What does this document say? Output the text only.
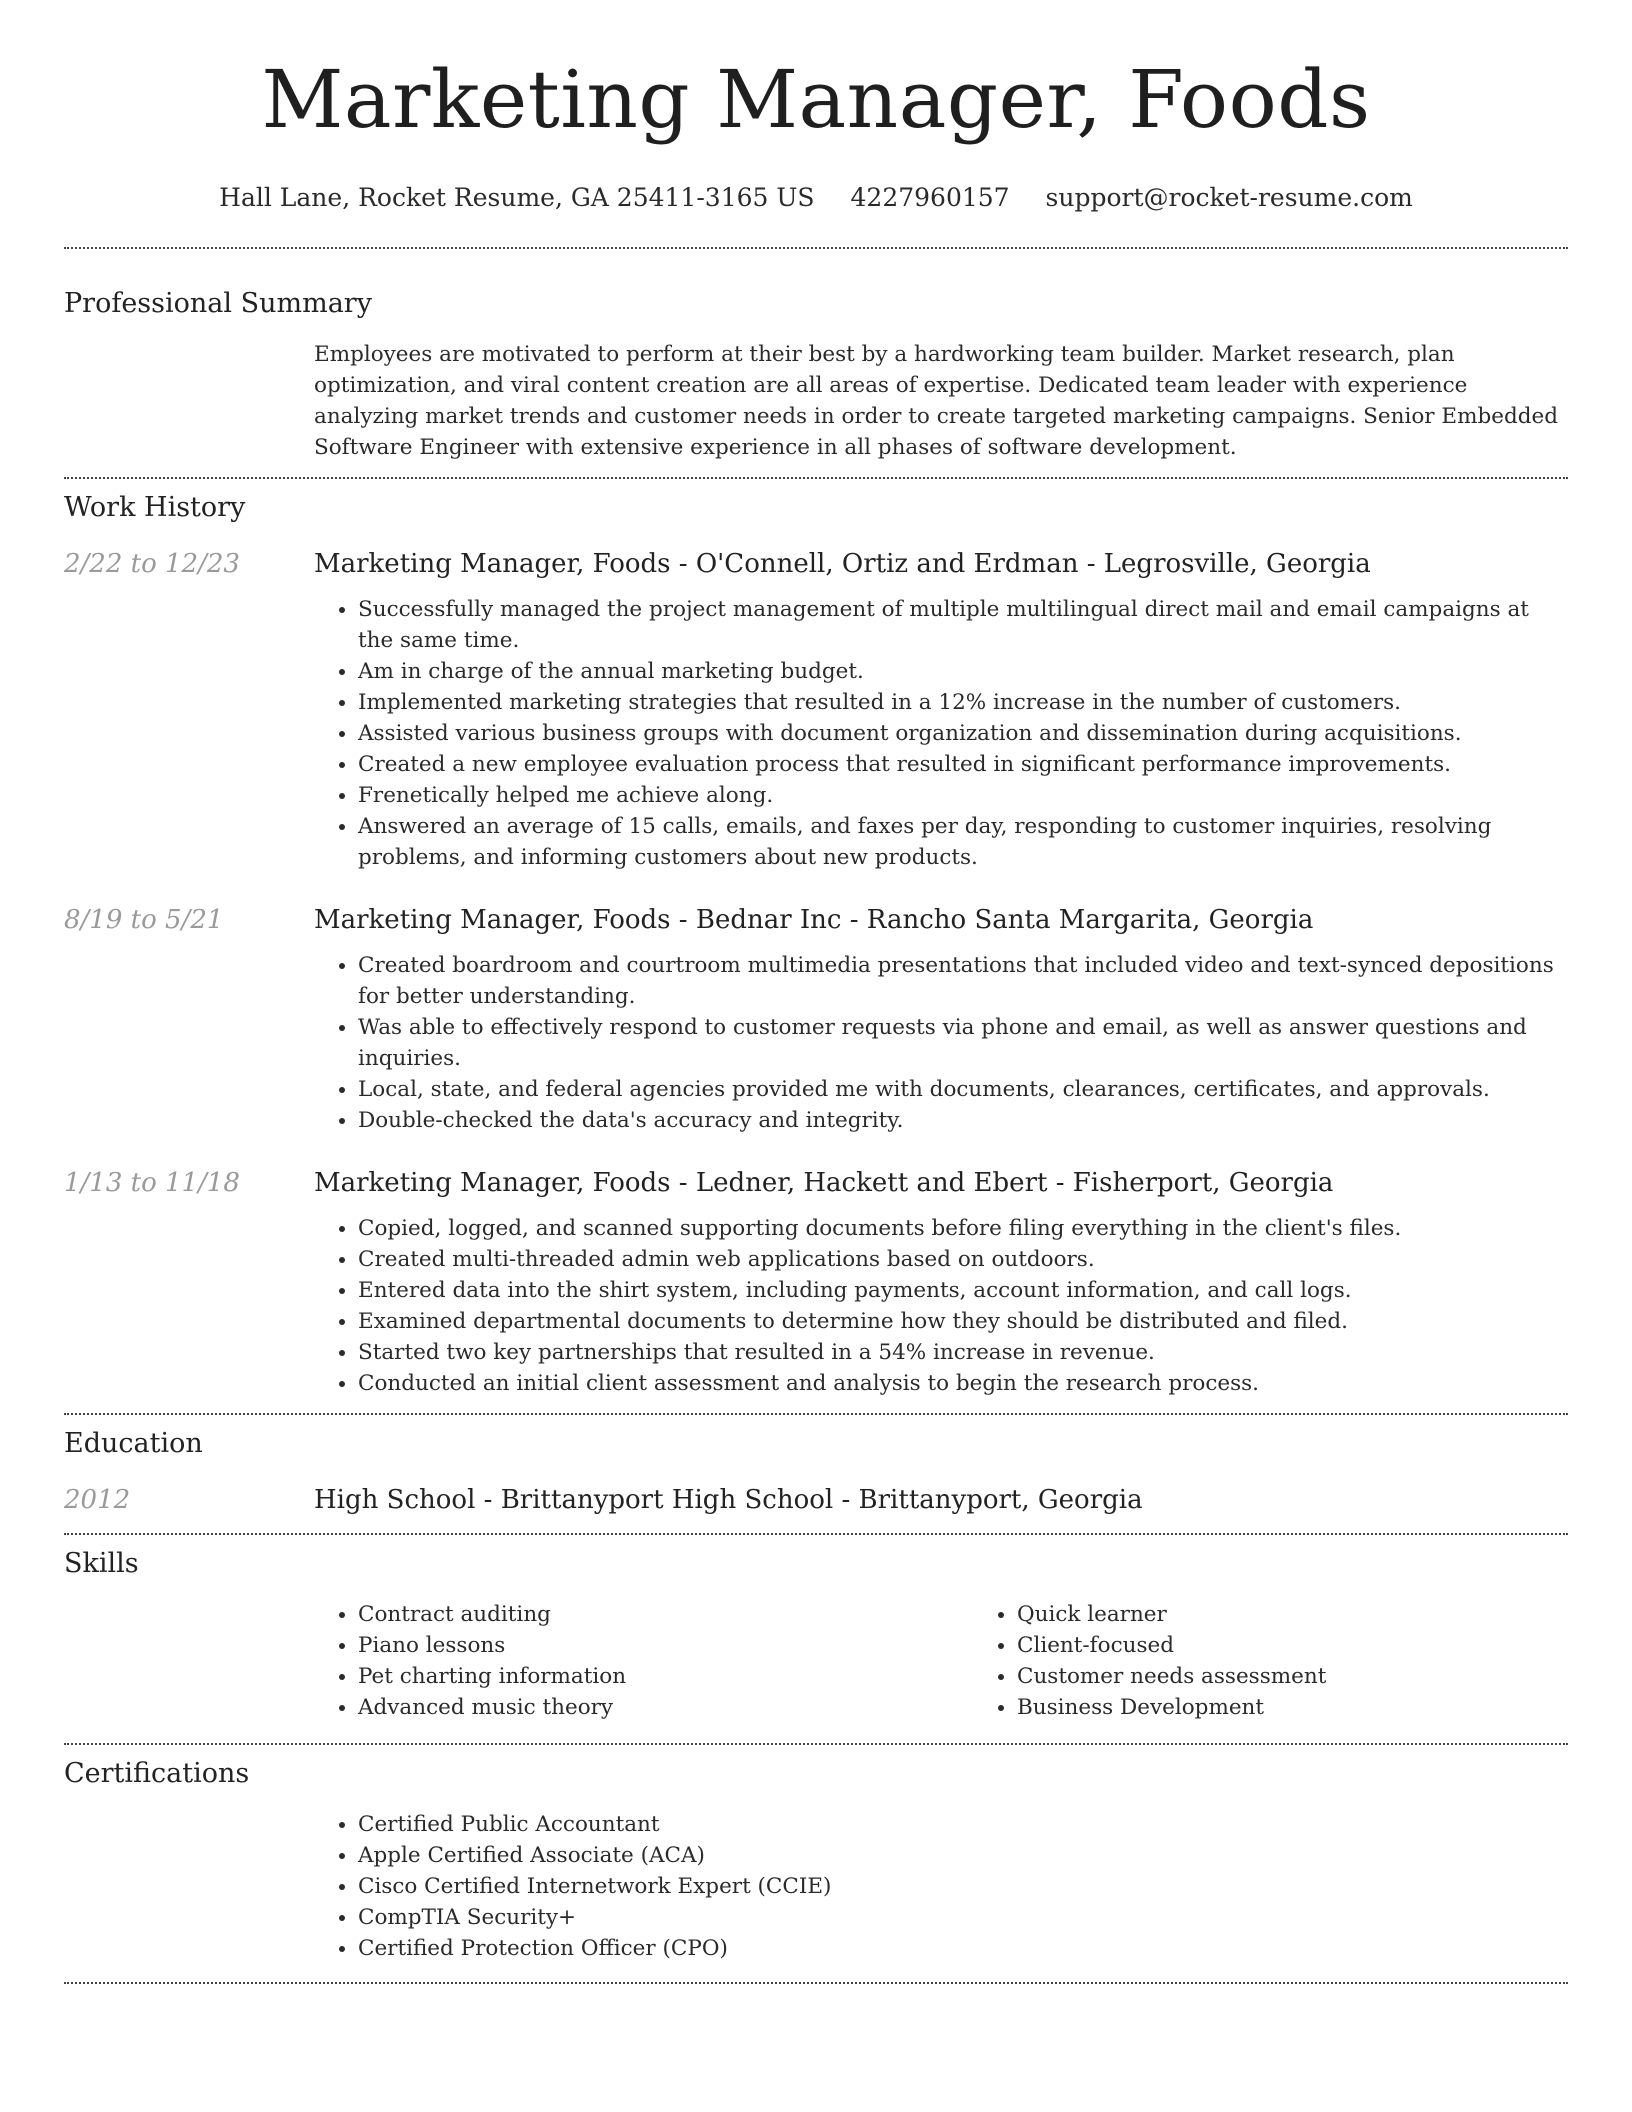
Marketing Manager, Foods
Hall Lane, Rocket Resume, GA 25411-3165 US 4227960157 support@rocket-resume.com
Professional Summary
Employees are motivated to perform at their best by a hardworking team builder. Market research, plan optimization, and viral content creation are all areas of expertise. Dedicated team leader with experience analyzing market trends and customer needs in order to create targeted marketing campaigns. Senior Embedded Software Engineer with extensive experience in all phases of software development.
Work History
2/22 to 12/23	Marketing Manager, Foods - O'Connell, Ortiz and Erdman - Legrosville, Georgia
• Successfully managed the project management of multiple multilingual direct mail and email campaigns at the same time.
• Am in charge of the annual marketing budget.
• Implemented marketing strategies that resulted in a 12% increase in the number of customers.
• Assisted various business groups with document organization and dissemination during acquisitions.
• Created a new employee evaluation process that resulted in significant performance improvements.
• Frenetically helped me achieve along.
• Answered an average of 15 calls, emails, and faxes per day, responding to customer inquiries, resolving problems, and informing customers about new products.
8/19 to 5/21	Marketing Manager, Foods - Bednar Inc - Rancho Santa Margarita, Georgia
• Created boardroom and courtroom multimedia presentations that included video and text-synced depositions for better understanding.
• Was able to effectively respond to customer requests via phone and email, as well as answer questions and inquiries.
• Local, state, and federal agencies provided me with documents, clearances, certificates, and approvals.
• Double-checked the data's accuracy and integrity.
1/13 to 11/18	Marketing Manager, Foods - Ledner, Hackett and Ebert - Fisherport, Georgia
• Copied, logged, and scanned supporting documents before filing everything in the client's files.
• Created multi-threaded admin web applications based on outdoors.
• Entered data into the shirt system, including payments, account information, and call logs.
• Examined departmental documents to determine how they should be distributed and filed.
• Started two key partnerships that resulted in a 54% increase in revenue.
• Conducted an initial client assessment and analysis to begin the research process.
Education
2012	High School - Brittanyport High School - Brittanyport, Georgia
Skills
• Contract auditing
• Piano lessons
• Pet charting information
• Advanced music theory
• Quick learner
• Client-focused
• Customer needs assessment
• Business Development
Certifications
• Certified Public Accountant
• Apple Certified Associate (ACA)
• Cisco Certified Internetwork Expert (CCIE)
• CompTIA Security+
• Certified Protection Officer (CPO)
